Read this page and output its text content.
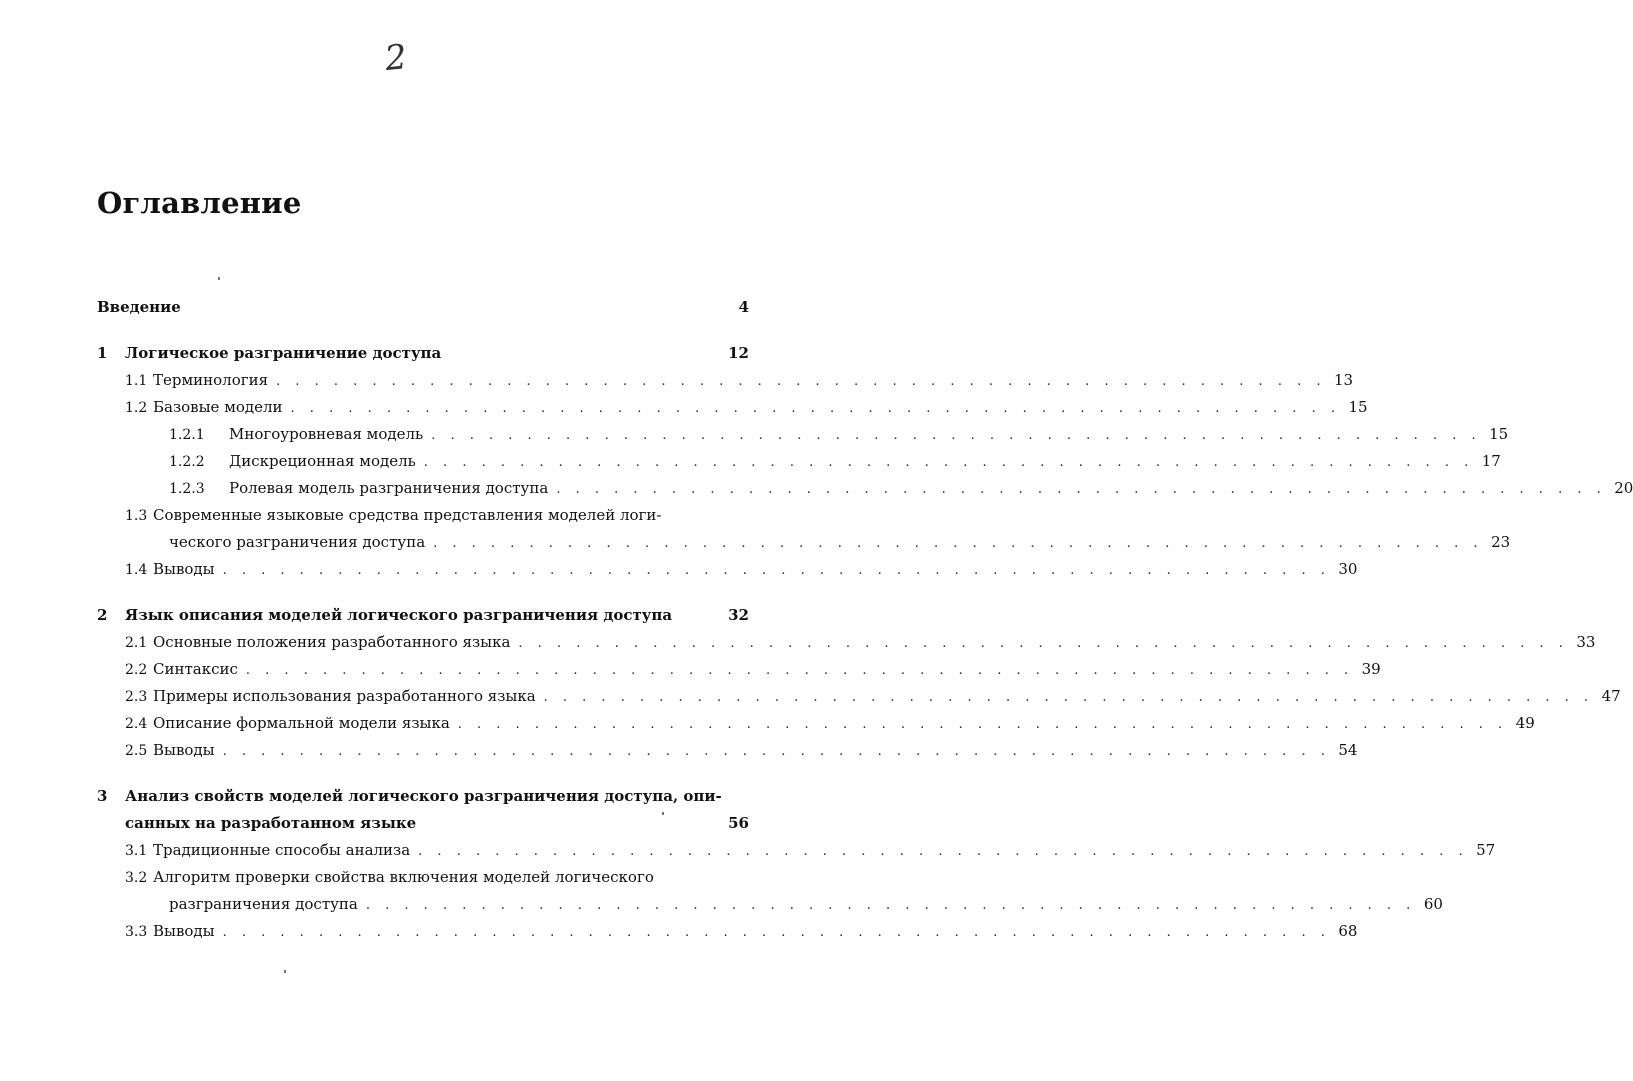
2
Оглавление
Введение	4
1	Логическое разграничение доступа	12
1.1 Терминология . . . . . . . . . . . . . . . . . . . . . . . . . . . . . . . . . . . . . . . . . . . . . . . . . . . . . . . 13
1.2 Базовые модели . . . . . . . . . . . . . . . . . . . . . . . . . . . . . . . . . . . . . . . . . . . . . . . . . . . . . . . 15
1.2.1	Многоуровневая модель . . . . . . . . . . . . . . . . . . . . . . . . . . . . . . . . . . . . . . . . . . . . . . . . . . . . . . . 15
1.2.2	Дискреционная модель . . . . . . . . . . . . . . . . . . . . . . . . . . . . . . . . . . . . . . . . . . . . . . . . . . . . . . . 17
1.2.3	Ролевая модель разграничения доступа . . . . . . . . . . . . . . . . . . . . . . . . . . . . . . . . . . . . . . . . . . . . . . . . . . . . . . . 20
1.3 Современные языковые средства представления моделей логи-
ческого разграничения доступа . . . . . . . . . . . . . . . . . . . . . . . . . . . . . . . . . . . . . . . . . . . . . . . . . . . . . . . 23
1.4 Выводы . . . . . . . . . . . . . . . . . . . . . . . . . . . . . . . . . . . . . . . . . . . . . . . . . . . . . . . . . . 30
2	Язык описания моделей логического разграничения доступа	32
2.1 Основные положения разработанного языка . . . . . . . . . . . . . . . . . . . . . . . . . . . . . . . . . . . . . . . . . . . . . . . . . . . . . . . 33
2.2 Синтаксис . . . . . . . . . . . . . . . . . . . . . . . . . . . . . . . . . . . . . . . . . . . . . . . . . . . . . . . . . . 39
2.3 Примеры использования разработанного языка . . . . . . . . . . . . . . . . . . . . . . . . . . . . . . . . . . . . . . . . . . . . . . . . . . . . . . . 47
2.4 Описание формальной модели языка . . . . . . . . . . . . . . . . . . . . . . . . . . . . . . . . . . . . . . . . . . . . . . . . . . . . . . . 49
2.5 Выводы . . . . . . . . . . . . . . . . . . . . . . . . . . . . . . . . . . . . . . . . . . . . . . . . . . . . . . . . . . 54
3	Анализ свойств моделей логического разграничения доступа, опи-
санных на разработанном языке	56
3.1 Традиционные способы анализа . . . . . . . . . . . . . . . . . . . . . . . . . . . . . . . . . . . . . . . . . . . . . . . . . . . . . . . 57
3.2 Алгоритм проверки свойства включения моделей логического
разграничения доступа . . . . . . . . . . . . . . . . . . . . . . . . . . . . . . . . . . . . . . . . . . . . . . . . . . . . . . . 60
3.3 Выводы . . . . . . . . . . . . . . . . . . . . . . . . . . . . . . . . . . . . . . . . . . . . . . . . . . . . . . . . . . 68
